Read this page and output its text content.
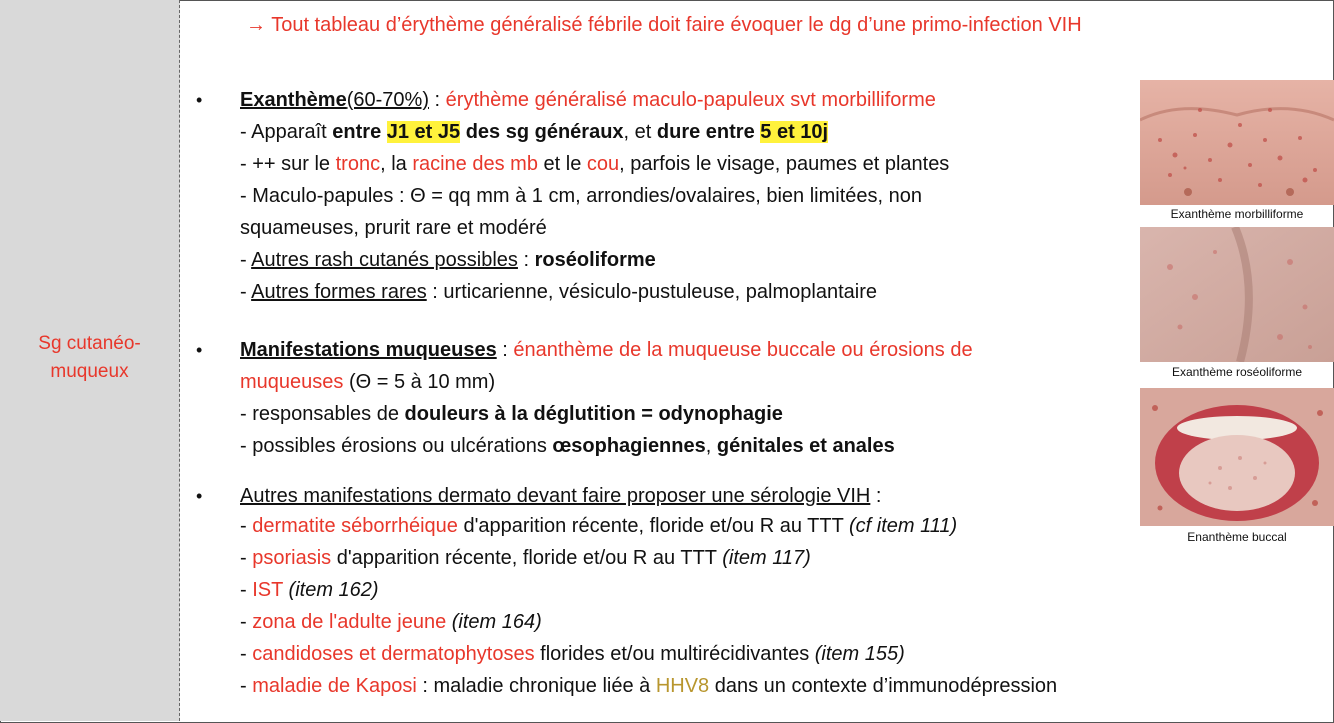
Sg cutanéo-
muqueux
→ Tout tableau d’érythème généralisé fébrile doit faire évoquer le dg d’une primo-infection VIH
• Exanthème(60-70%) : érythème généralisé maculo-papuleux svt morbilliforme
- Apparaît entre J1 et J5 des sg généraux, et dure entre 5 et 10j
- ++ sur le tronc, la racine des mb et le cou, parfois le visage, paumes et plantes
- Maculo-papules : Θ = qq mm à 1 cm, arrondies/ovalaires, bien limitées, non
squameuses, prurit rare et modéré
- Autres rash cutanés possibles : roséoliforme
- Autres formes rares : urticarienne, vésiculo-pustuleuse, palmoplantaire
• Manifestations muqueuses : énanthème de la muqueuse buccale ou érosions de
muqueuses (Θ = 5 à 10 mm)
- responsables de douleurs à la déglutition = odynophagie
- possibles érosions ou ulcérations œsophagiennes, génitales et anales
• Autres manifestations dermato devant faire proposer une sérologie VIH :
- dermatite séborrhéique d'apparition récente, floride et/ou R au TTT (cf item 111)
- psoriasis d'apparition récente, floride et/ou R au TTT (item 117)
- IST (item 162)
- zona de l'adulte jeune (item 164)
- candidoses et dermatophytoses florides et/ou multirécidivantes (item 155)
- maladie de Kaposi : maladie chronique liée à HHV8 dans un contexte d’immunodépression
Exanthème morbilliforme
Exanthème roséoliforme
Enanthème buccal
